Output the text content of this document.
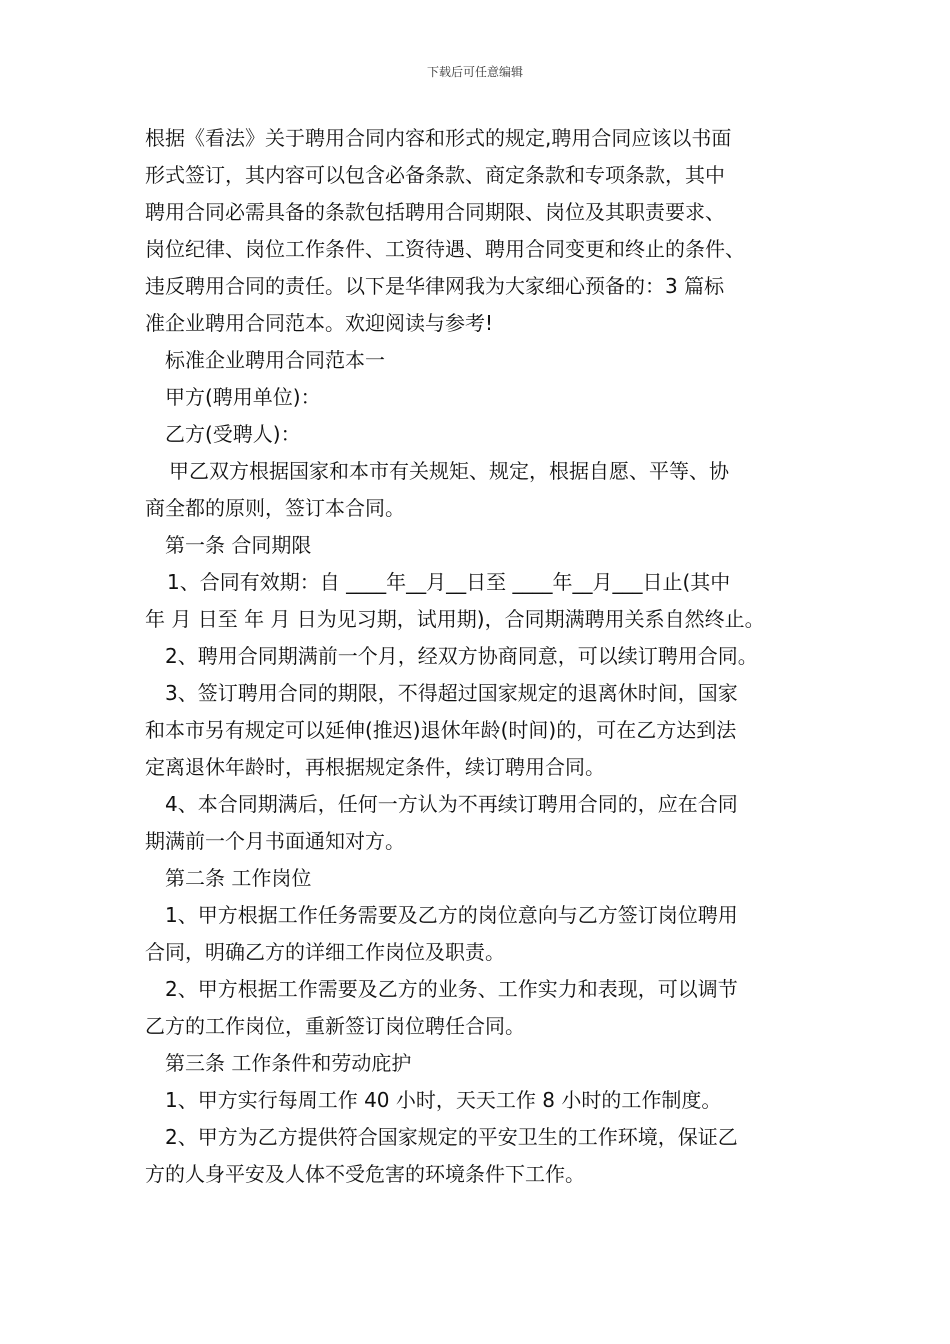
下载后可任意编辑
根据《看法》关于聘用合同内容和形式的规定,聘用合同应该以书面
形式签订，其内容可以包含必备条款、商定条款和专项条款，其中
聘用合同必需具备的条款包括聘用合同期限、岗位及其职责要求、
岗位纪律、岗位工作条件、工资待遇、聘用合同变更和终止的条件、
违反聘用合同的责任。以下是华律网我为大家细心预备的：3 篇标
准企业聘用合同范本。欢迎阅读与参考!
标准企业聘用合同范本一
甲方(聘用单位)：
乙方(受聘人)：
甲乙双方根据国家和本市有关规矩、规定，根据自愿、平等、协
商全都的原则，签订本合同。
第一条 合同期限
1、合同有效期：自 ____年__月__日至 ____年__月___日止(其中
年 月 日至 年 月 日为见习期，试用期)，合同期满聘用关系自然终止。
2、聘用合同期满前一个月，经双方协商同意，可以续订聘用合同。
3、签订聘用合同的期限，不得超过国家规定的退离休时间，国家
和本市另有规定可以延伸(推迟)退休年龄(时间)的，可在乙方达到法
定离退休年龄时，再根据规定条件，续订聘用合同。
4、本合同期满后，任何一方认为不再续订聘用合同的，应在合同
期满前一个月书面通知对方。
第二条 工作岗位
1、甲方根据工作任务需要及乙方的岗位意向与乙方签订岗位聘用
合同，明确乙方的详细工作岗位及职责。
2、甲方根据工作需要及乙方的业务、工作实力和表现，可以调节
乙方的工作岗位，重新签订岗位聘任合同。
第三条 工作条件和劳动庇护
1、甲方实行每周工作 40 小时，天天工作 8 小时的工作制度。
2、甲方为乙方提供符合国家规定的平安卫生的工作环境，保证乙
方的人身平安及人体不受危害的环境条件下工作。
